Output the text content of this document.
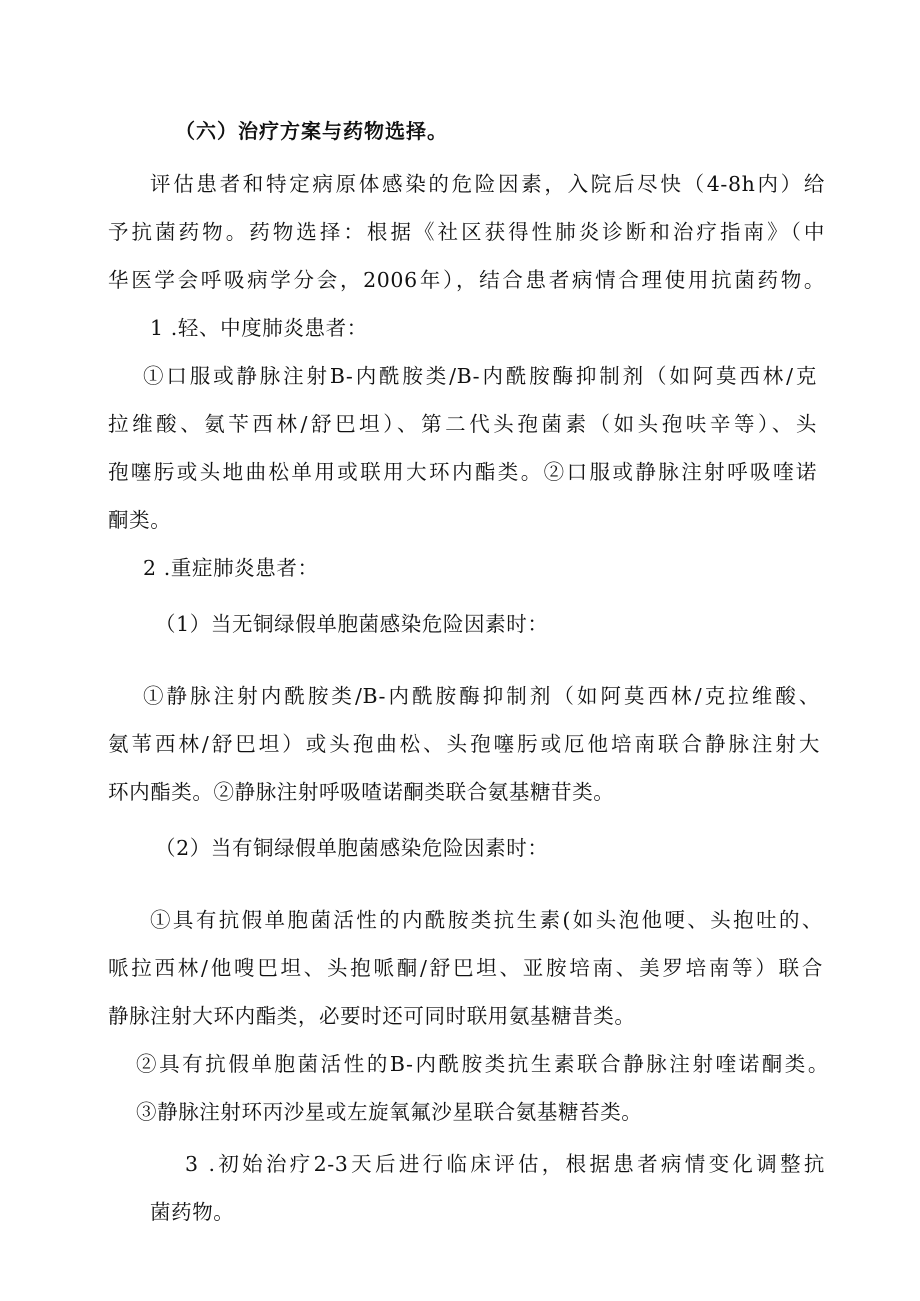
（六）治疗方案与药物选择。

评估患者和特定病原体感染的危险因素，入院后尽快（4-8h内）给

予抗菌药物。药物选择：根据《社区获得性肺炎诊断和治疗指南》（中

华医学会呼吸病学分会，2006年），结合患者病情合理使用抗菌药物。

1 .轻、中度肺炎患者：

①口服或静脉注射B-内酰胺类/B-内酰胺酶抑制剂（如阿莫西林/克

拉维酸、氨苄西林/舒巴坦）、第二代头孢菌素（如头孢呋辛等）、头

孢噻肟或头地曲松单用或联用大环内酯类。②口服或静脉注射呼吸喹诺

酮类。

2 .重症肺炎患者：

（1）当无铜绿假单胞菌感染危险因素时：

①静脉注射内酰胺类/B-内酰胺酶抑制剂（如阿莫西林/克拉维酸、

氨苇西林/舒巴坦）或头孢曲松、头孢噻肟或厄他培南联合静脉注射大

环内酯类。②静脉注射呼吸喳诺酮类联合氨基糖苷类。

（2）当有铜绿假单胞菌感染危险因素时：

①具有抗假单胞菌活性的内酰胺类抗生素(如头泡他哽、头抱吐的、

哌拉西林/他嗖巴坦、头抱哌酮/舒巴坦、亚胺培南、美罗培南等）联合

静脉注射大环内酯类，必要时还可同时联用氨基糖昔类。

②具有抗假单胞菌活性的B-内酰胺类抗生素联合静脉注射喹诺酮类。

③静脉注射环丙沙星或左旋氧氟沙星联合氨基糖苔类。

3 .初始治疗2-3天后进行临床评估，根据患者病情变化调整抗

菌药物。
